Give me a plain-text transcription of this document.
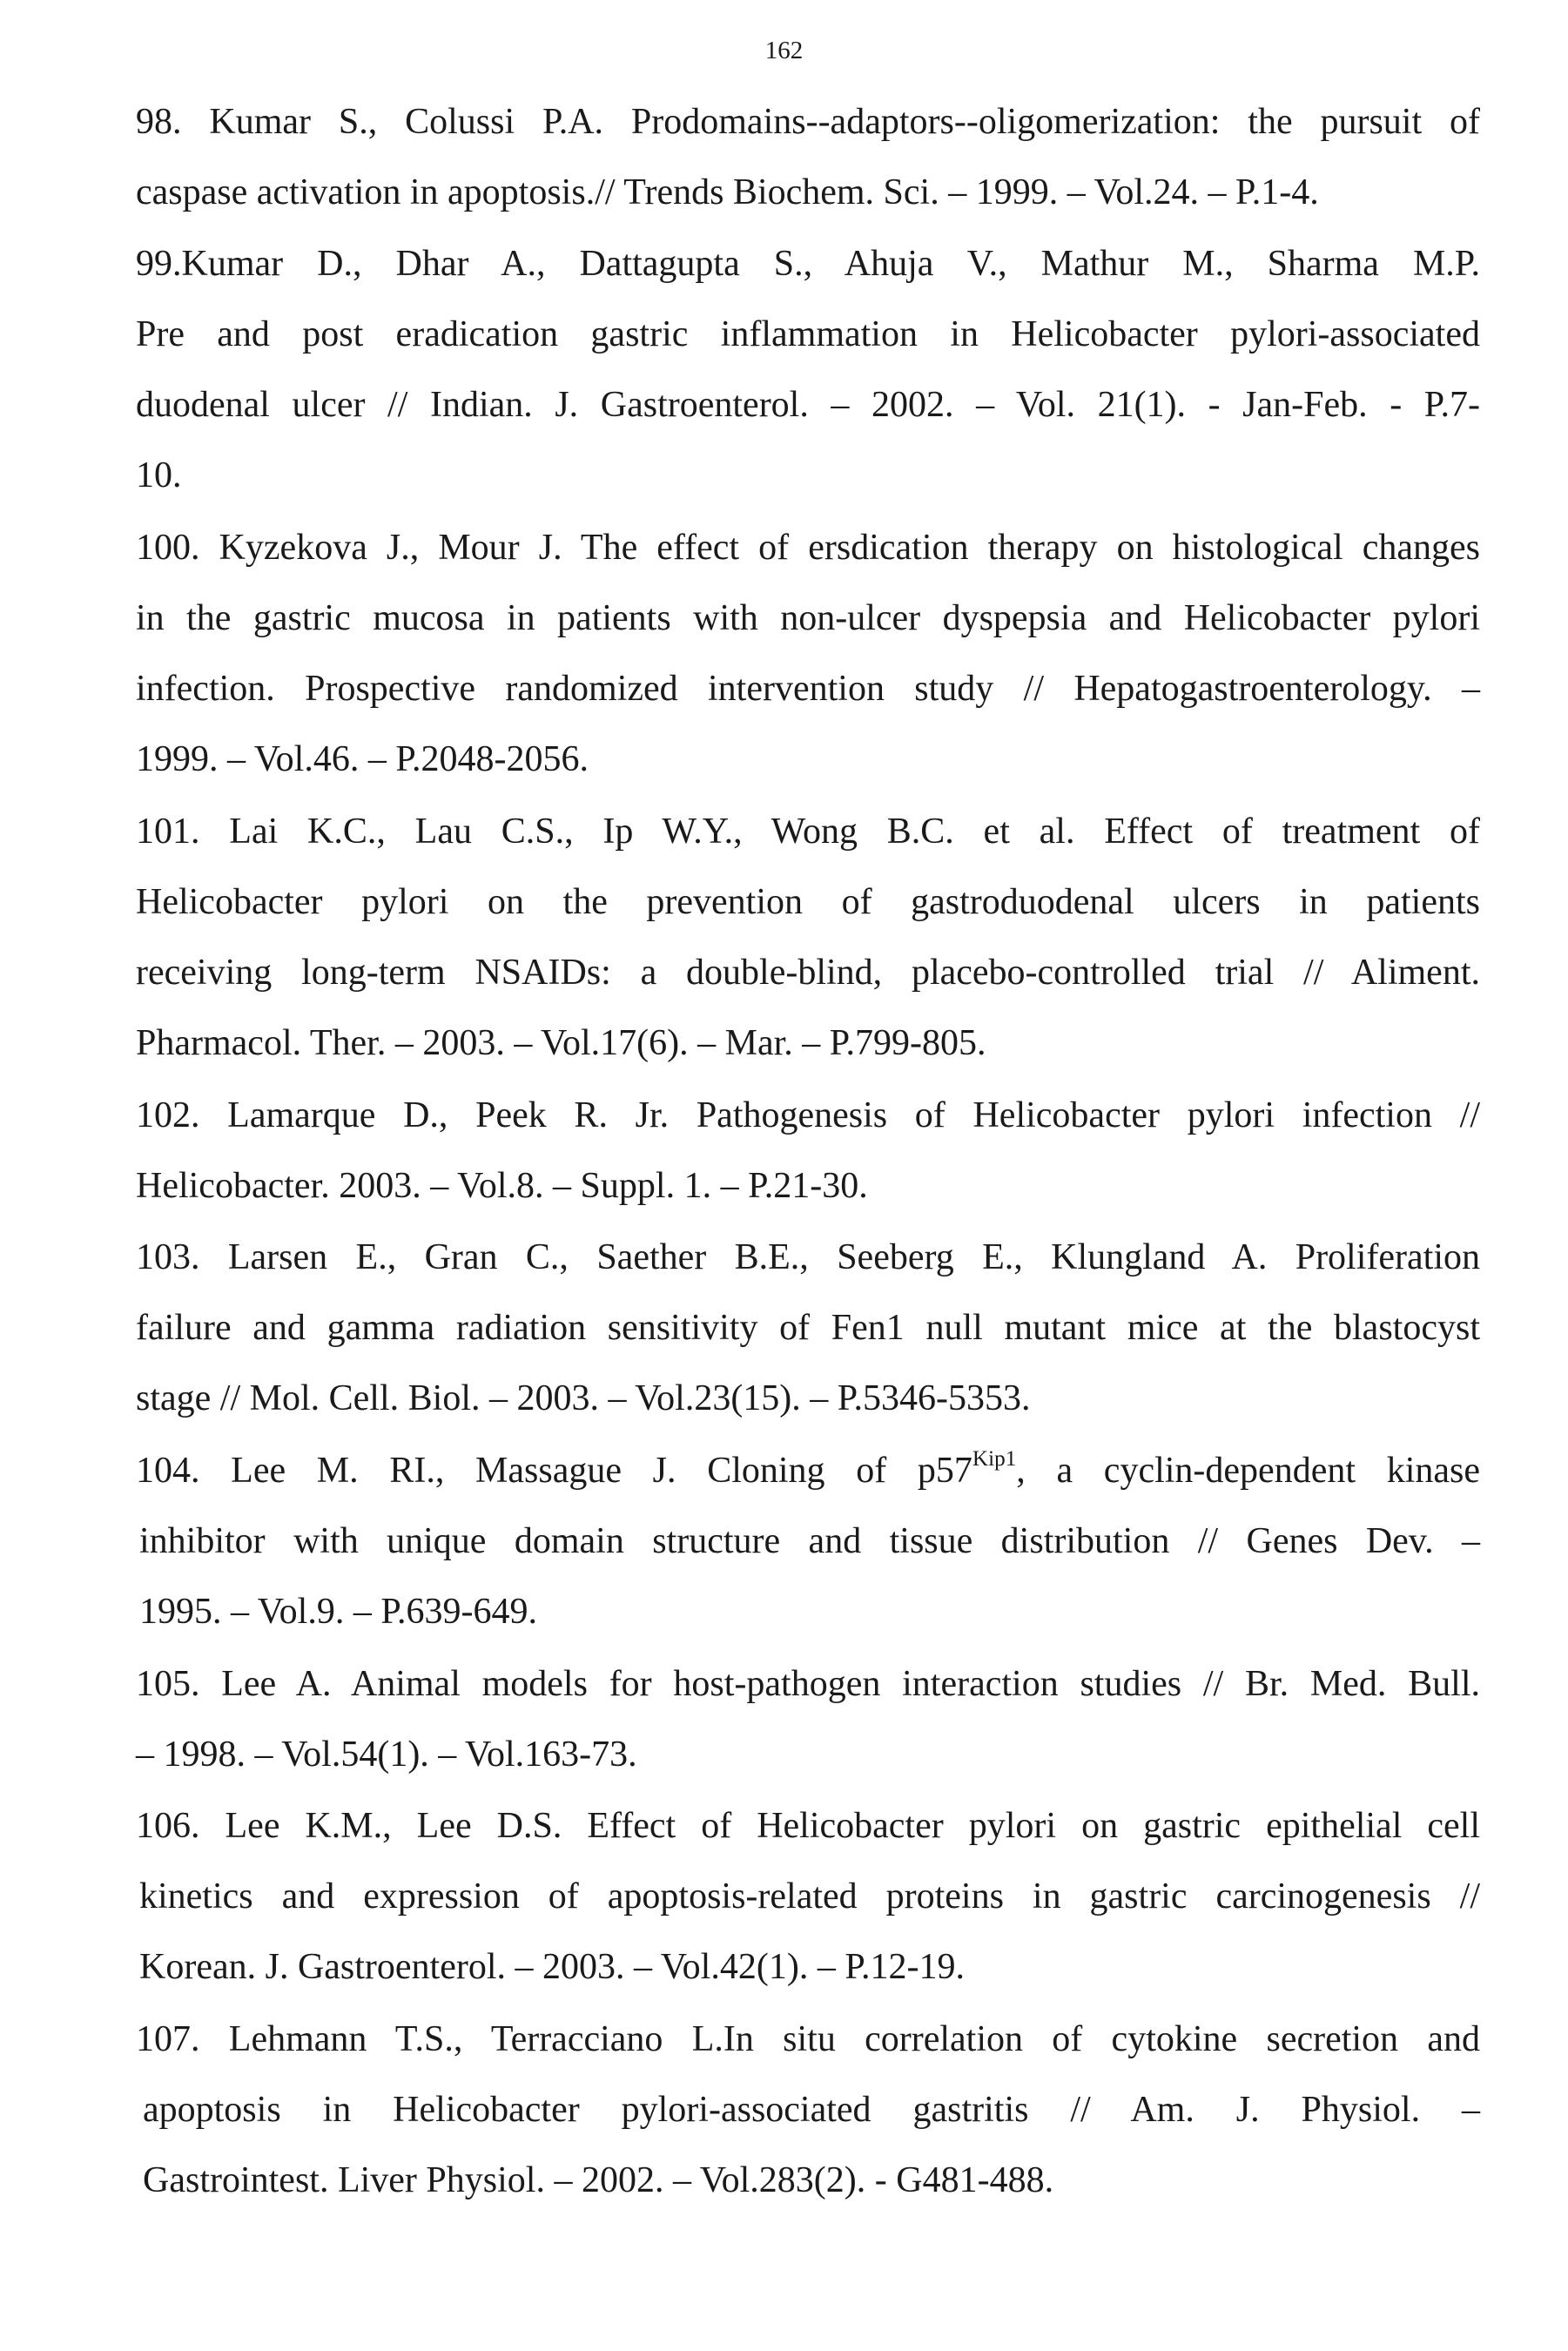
162
98. Kumar S., Colussi P.A. Prodomains--adaptors--oligomerization: the pursuit of
caspase activation in apoptosis.// Trends Biochem. Sci. – 1999. – Vol.24. – P.1-4.
99.Kumar D., Dhar A., Dattagupta S., Ahuja V., Mathur M., Sharma M.P.
Pre and post eradication gastric inflammation in Helicobacter pylori-associated
duodenal ulcer // Indian. J. Gastroenterol. – 2002. – Vol. 21(1). - Jan-Feb. - P.7-
10.
100. Kyzekova J., Mour J. The effect of ersdication therapy on histological changes
in the gastric mucosa in patients with non-ulcer dyspepsia and Helicobacter pylori
infection. Prospective randomized intervention study // Hepatogastroenterology. –
1999. – Vol.46. – P.2048-2056.
101. Lai K.C., Lau C.S., Ip W.Y., Wong B.C. et al. Effect of treatment of
Helicobacter pylori on the prevention of gastroduodenal ulcers in patients
receiving long-term NSAIDs: a double-blind, placebo-controlled trial // Aliment.
Pharmacol. Ther. – 2003. – Vol.17(6). – Mar. – P.799-805.
102. Lamarque D., Peek R. Jr. Pathogenesis of Helicobacter pylori infection //
Helicobacter. 2003. – Vol.8. – Suppl. 1. – P.21-30.
103. Larsen E., Gran C., Saether B.E., Seeberg E., Klungland A. Proliferation
failure and gamma radiation sensitivity of Fen1 null mutant mice at the blastocyst
stage // Mol. Cell. Biol. – 2003. – Vol.23(15). – P.5346-5353.
104. Lee M. RI., Massague J. Cloning of $p57^{Kip1}$, a cyclin-dependent kinase
inhibitor with unique domain structure and tissue distribution // Genes Dev. –
1995. – Vol.9. – P.639-649.
105. Lee A. Animal models for host-pathogen interaction studies // Br. Med. Bull.
– 1998. – Vol.54(1). – Vol.163-73.
106. Lee K.M., Lee D.S. Effect of Helicobacter pylori on gastric epithelial cell
kinetics and expression of apoptosis-related proteins in gastric carcinogenesis //
Korean. J. Gastroenterol. – 2003. – Vol.42(1). – P.12-19.
107. Lehmann T.S., Terracciano L.In situ correlation of cytokine secretion and
apoptosis in Helicobacter pylori-associated gastritis // Am. J. Physiol. –
Gastrointest. Liver Physiol. – 2002. – Vol.283(2). - G481-488.
